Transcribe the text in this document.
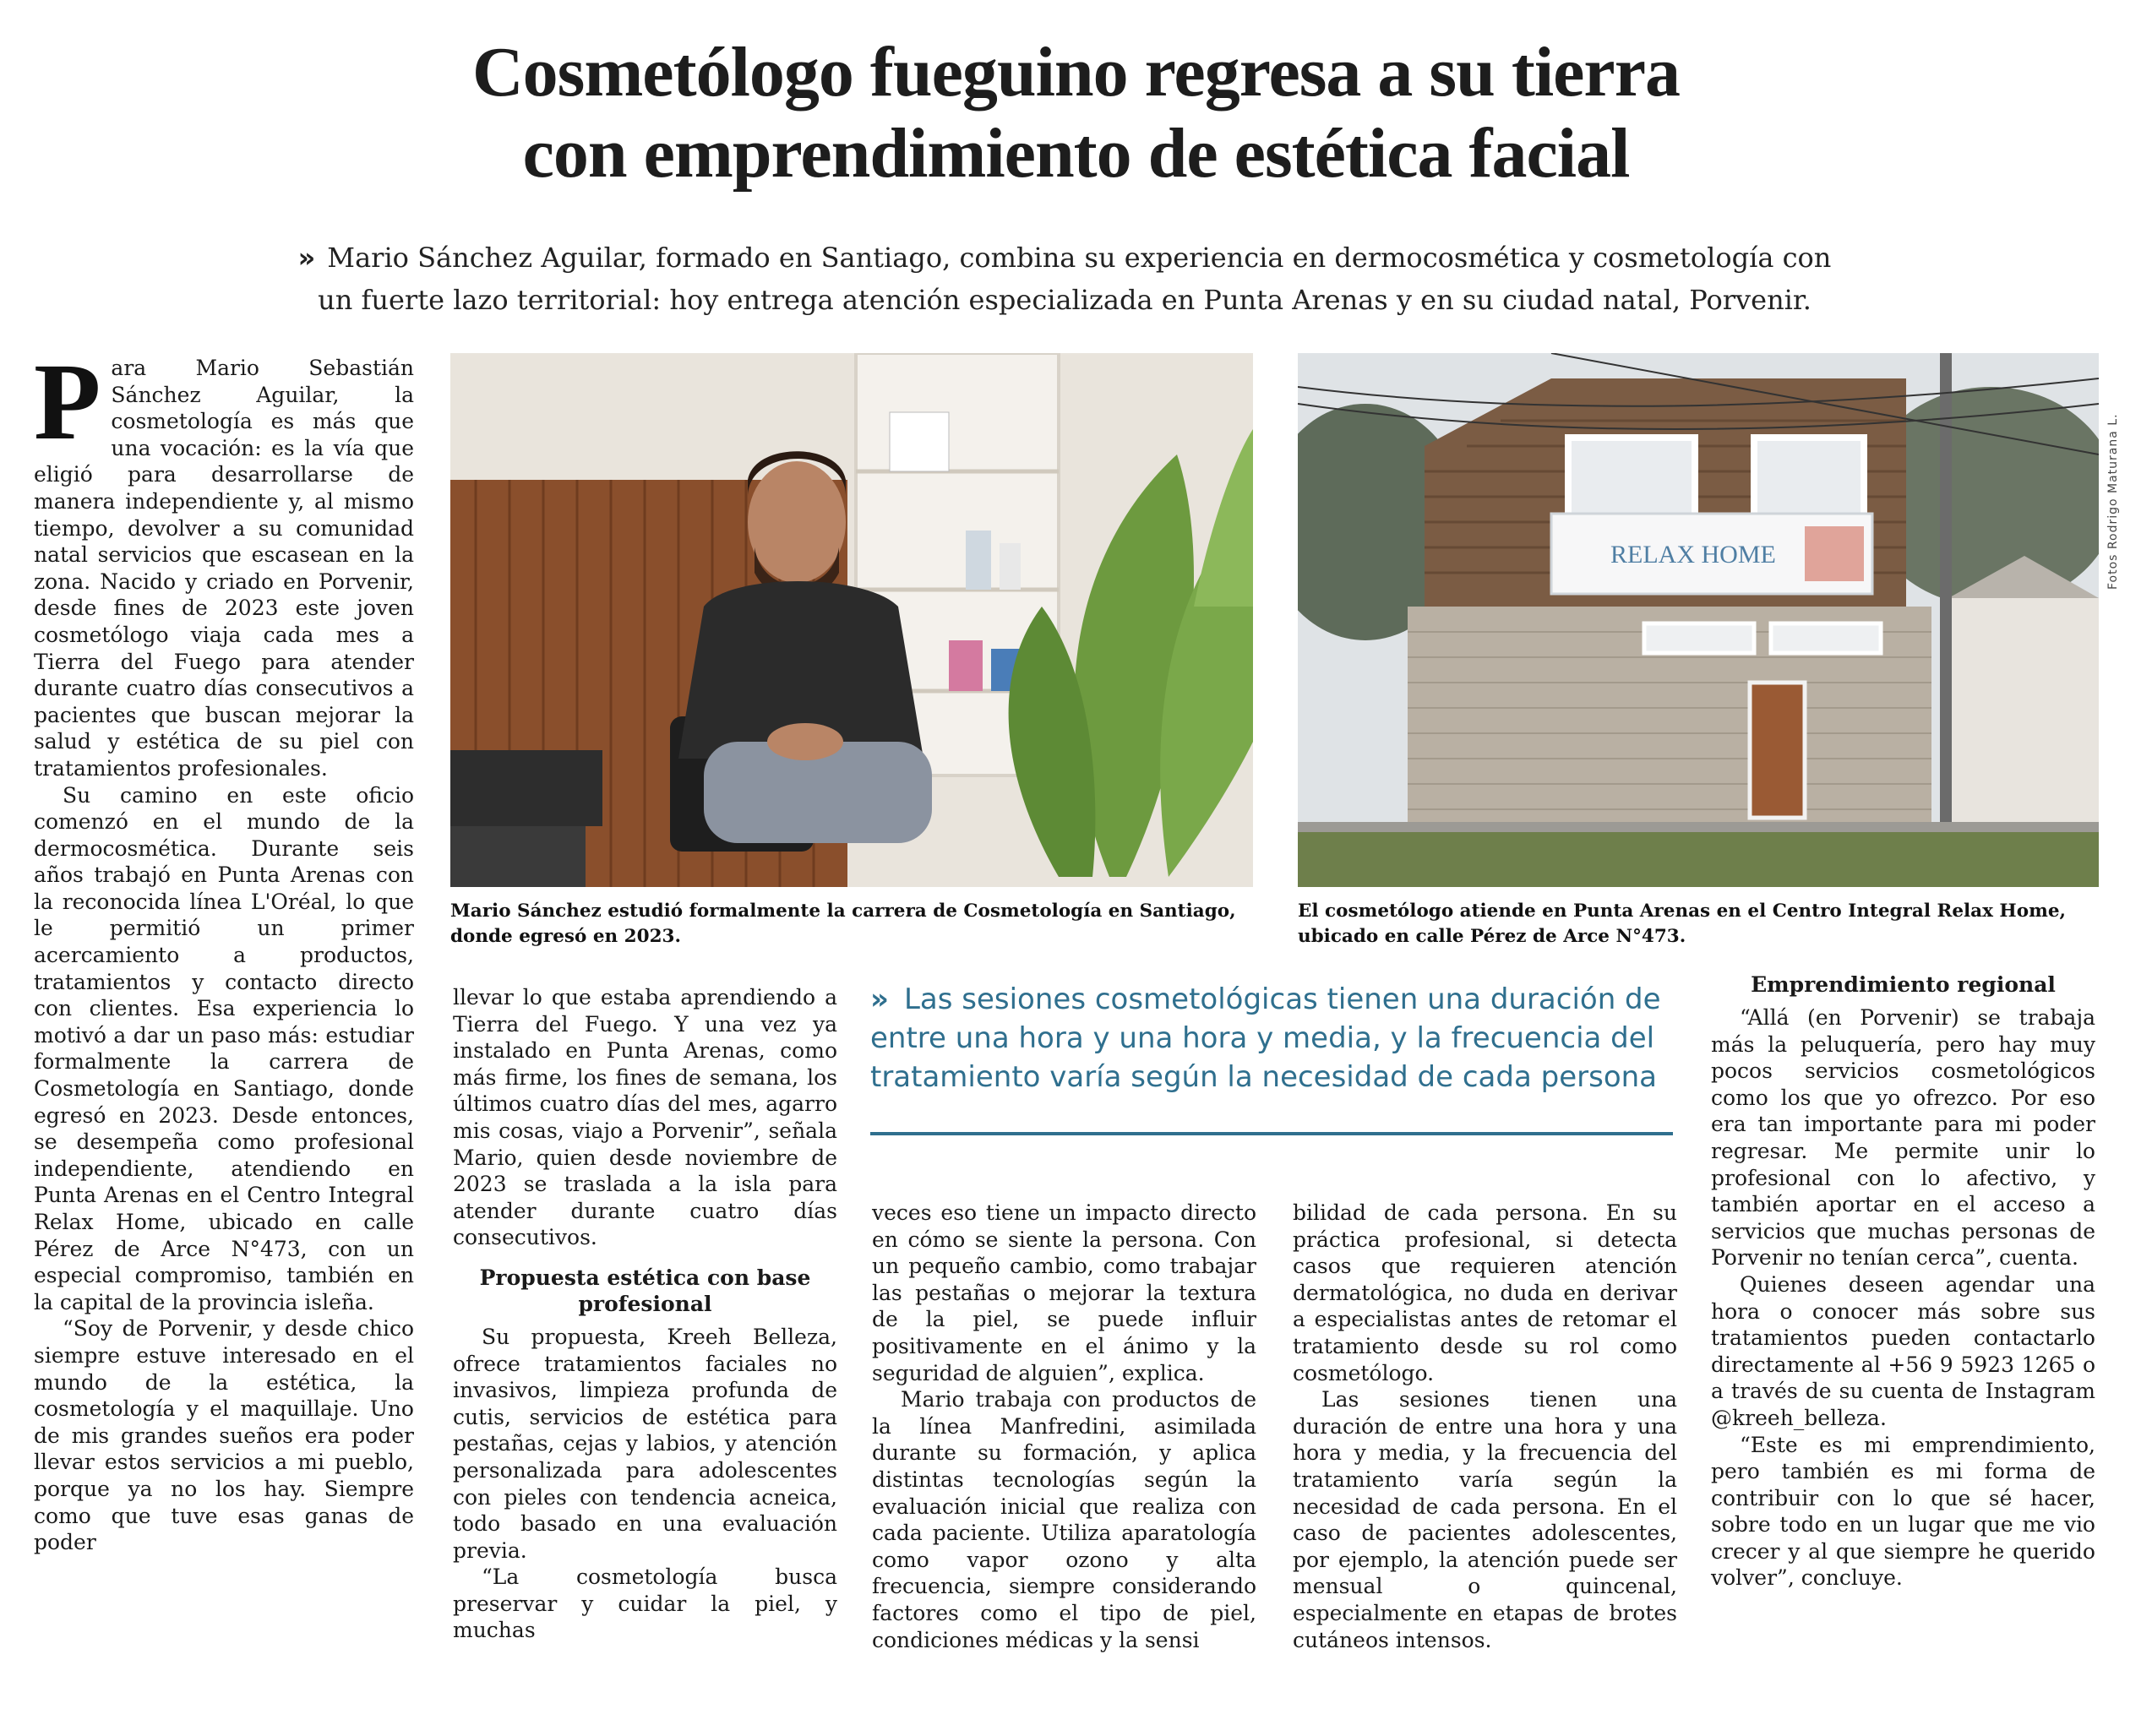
Cosmetólogo fueguino regresa a su tierra
con emprendimiento de estética facial
» Mario Sánchez Aguilar, formado en Santiago, combina su experiencia en dermocosmética y cosmetología con
un fuerte lazo territorial: hoy entrega atención especializada en Punta Arenas y en su ciudad natal, Porvenir.

Para Mario Sebastián Sánchez Aguilar, la cosmetología es más que una vocación: es la vía que eligió para desarrollarse de manera independiente y, al mismo tiempo, devolver a su comunidad natal servicios que escasean en la zona. Nacido y criado en Porvenir, desde fines de 2023 este joven cosmetólogo viaja cada mes a Tierra del Fuego para atender durante cuatro días consecutivos a pacientes que buscan mejorar la salud y estética de su piel con tratamientos profesionales.

Su camino en este oficio comenzó en el mundo de la dermocosmética. Durante seis años trabajó en Punta Arenas con la reconocida línea L'Oréal, lo que le permitió un primer acercamiento a productos, tratamientos y contacto directo con clientes. Esa experiencia lo motivó a dar un paso más: estudiar formalmente la carrera de Cosmetología en Santiago, donde egresó en 2023. Desde entonces, se desempeña como profesional independiente, atendiendo en Punta Arenas en el Centro Integral Relax Home, ubicado en calle Pérez de Arce N°473, con un especial compromiso, también en la capital de la provincia isleña.

“Soy de Porvenir, y desde chico siempre estuve interesado en el mundo de la estética, la cosmetología y el maquillaje. Uno de mis grandes sueños era poder llevar estos servicios a mi pueblo, porque ya no los hay. Siempre como que tuve esas ganas de poder

RELAX HOME	Fotos Rodrigo Maturana L.
Mario Sánchez estudió formalmente la carrera de Cosmetología en Santiago, donde egresó en 2023.
El cosmetólogo atiende en Punta Arenas en el Centro Integral Relax Home, ubicado en calle Pérez de Arce N°473.

llevar lo que estaba aprendiendo a Tierra del Fuego. Y una vez ya instalado en Punta Arenas, como más firme, los fines de semana, los últimos cuatro días del mes, agarro mis cosas, viajo a Porvenir”, señala Mario, quien desde noviembre de 2023 se traslada a la isla para atender durante cuatro días consecutivos.

Propuesta estética con base profesional

Su propuesta, Kreeh Belleza, ofrece tratamientos faciales no invasivos, limpieza profunda de cutis, servicios de estética para pestañas, cejas y labios, y atención personalizada para adolescentes con pieles con tendencia acneica, todo basado en una evaluación previa.

“La cosmetología busca preservar y cuidar la piel, y muchas

» Las sesiones cosmetológicas tienen una duración de entre una hora y una hora y media, y la frecuencia del tratamiento varía según la necesidad de cada persona

veces eso tiene un impacto directo en cómo se siente la persona. Con un pequeño cambio, como trabajar las pestañas o mejorar la textura de la piel, se puede influir positivamente en el ánimo y la seguridad de alguien”, explica.

Mario trabaja con productos de la línea Manfredini, asimilada durante su formación, y aplica distintas tecnologías según la evaluación inicial que realiza con cada paciente. Utiliza aparatología como vapor ozono y alta frecuencia, siempre considerando factores como el tipo de piel, condiciones médicas y la sensi

bilidad de cada persona. En su práctica profesional, si detecta casos que requieren atención dermatológica, no duda en derivar a especialistas antes de retomar el tratamiento desde su rol como cosmetólogo.

Las sesiones tienen una duración de entre una hora y una hora y media, y la frecuencia del tratamiento varía según la necesidad de cada persona. En el caso de pacientes adolescentes, por ejemplo, la atención puede ser mensual o quincenal, especialmente en etapas de brotes cutáneos intensos.

Emprendimiento regional

“Allá (en Porvenir) se trabaja más la peluquería, pero hay muy pocos servicios cosmetológicos como los que yo ofrezco. Por eso era tan importante para mi poder regresar. Me permite unir lo profesional con lo afectivo, y también aportar en el acceso a servicios que muchas personas de Porvenir no tenían cerca”, cuenta.

Quienes deseen agendar una hora o conocer más sobre sus tratamientos pueden contactarlo directamente al +56 9 5923 1265 o a través de su cuenta de Instagram @kreeh_belleza.

“Este es mi emprendimiento, pero también es mi forma de contribuir con lo que sé hacer, sobre todo en un lugar que me vio crecer y al que siempre he querido volver”, concluye.
